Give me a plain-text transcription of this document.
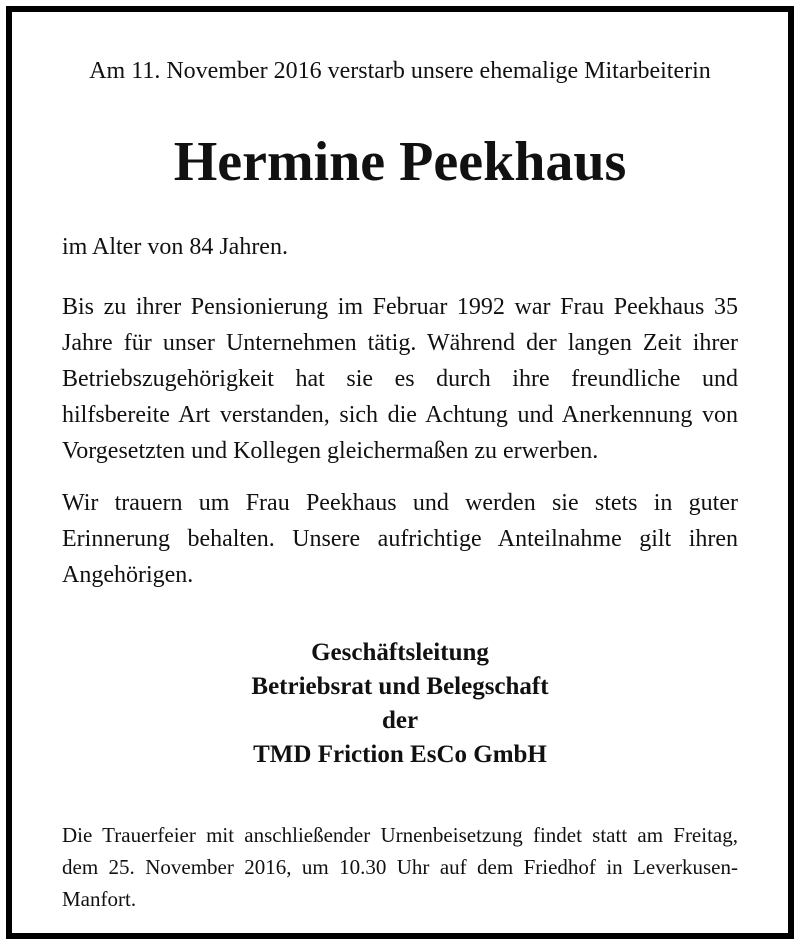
Am 11. November 2016 verstarb unsere ehemalige Mitarbeiterin
Hermine Peekhaus
im Alter von 84 Jahren.
Bis zu ihrer Pensionierung im Februar 1992 war Frau Peekhaus 35 Jahre für unser Unternehmen tätig. Während der langen Zeit ihrer Betriebszugehörigkeit hat sie es durch ihre freundliche und hilfsbereite Art verstanden, sich die Achtung und Anerkennung von Vorgesetzten und Kollegen gleichermaßen zu erwerben.
Wir trauern um Frau Peekhaus und werden sie stets in guter Erinnerung behalten. Unsere aufrichtige Anteilnahme gilt ihren Angehörigen.
Geschäftsleitung
Betriebsrat und Belegschaft
der
TMD Friction EsCo GmbH
Die Trauerfeier mit anschließender Urnenbeisetzung findet statt am Freitag, dem 25. November 2016, um 10.30 Uhr auf dem Friedhof in Leverkusen-Manfort.
